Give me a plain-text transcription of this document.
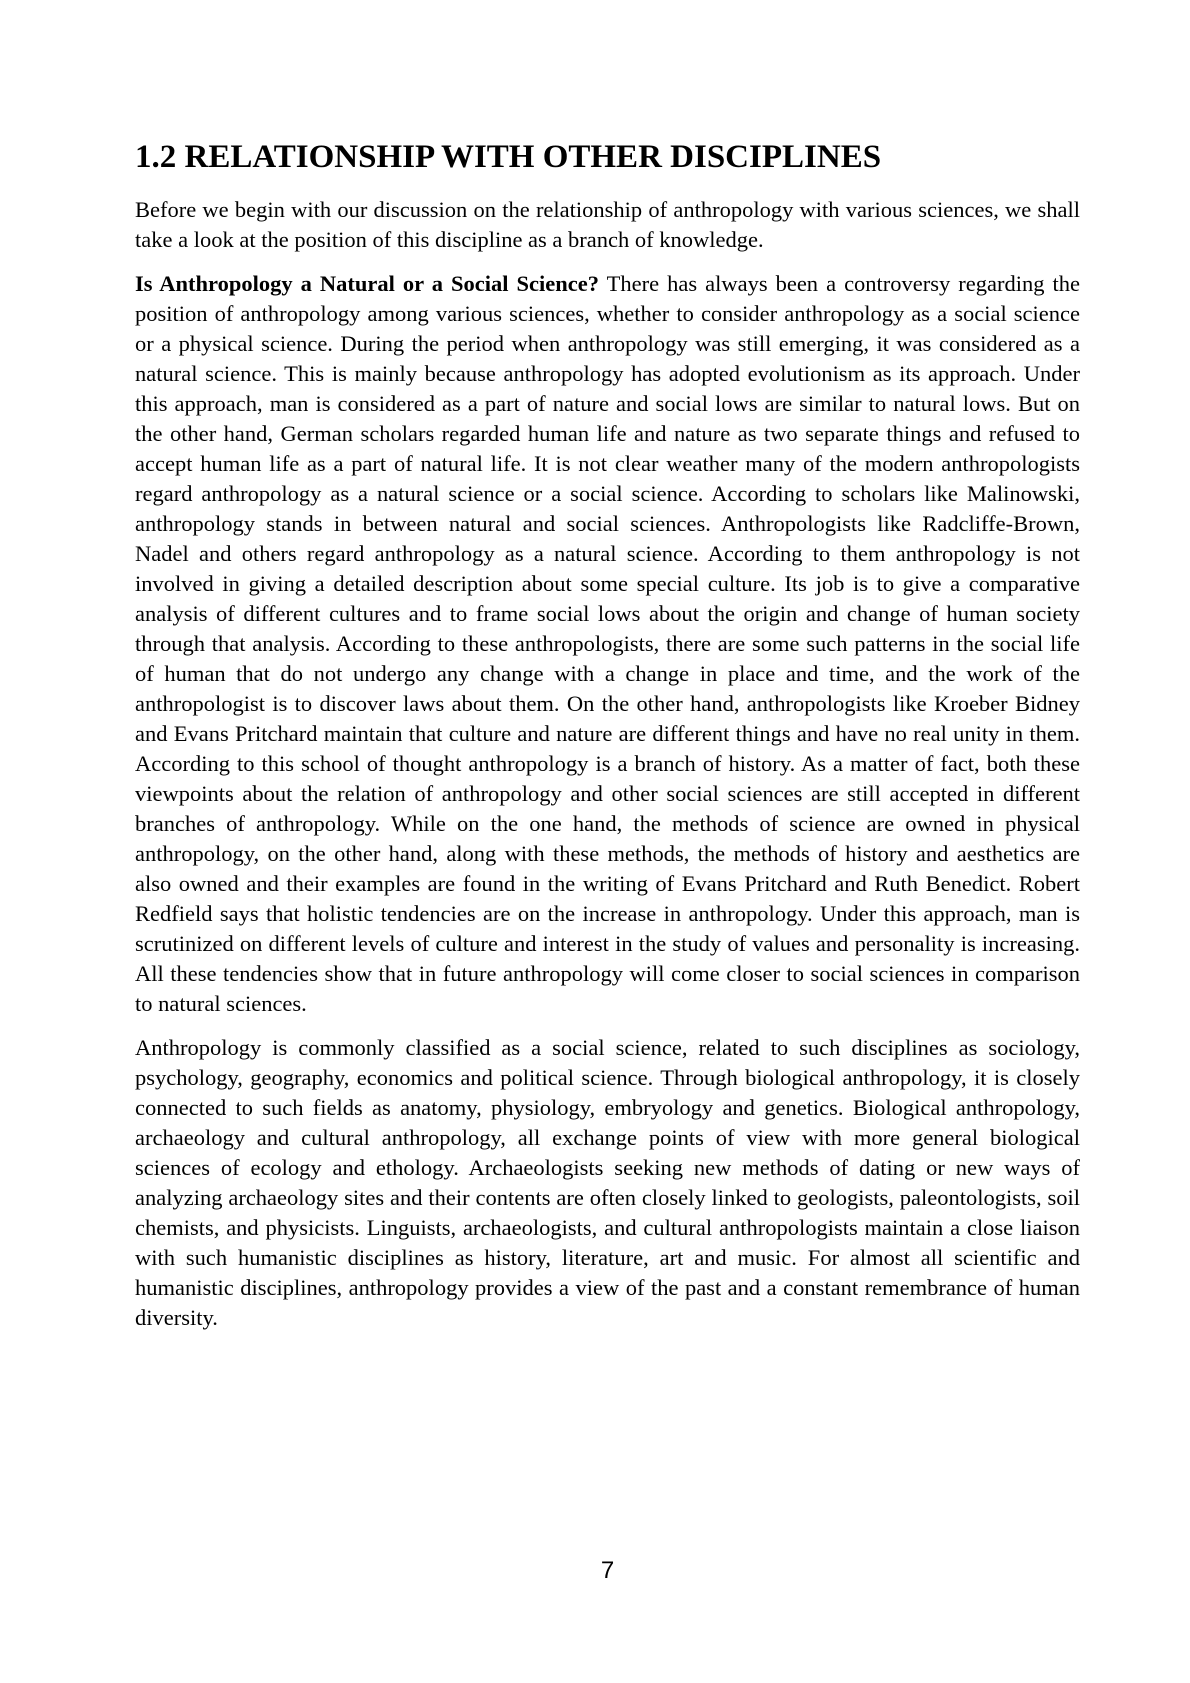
1.2 RELATIONSHIP WITH OTHER DISCIPLINES

Before we begin with our discussion on the relationship of anthropology with various sciences, we shall take a look at the position of this discipline as a branch of knowledge.

Is Anthropology a Natural or a Social Science? There has always been a controversy regarding the position of anthropology among various sciences, whether to consider anthropology as a social science or a physical science. During the period when anthropology was still emerging, it was considered as a natural science. This is mainly because anthropology has adopted evolutionism as its approach. Under this approach, man is considered as a part of nature and social lows are similar to natural lows. But on the other hand, German scholars regarded human life and nature as two separate things and refused to accept human life as a part of natural life. It is not clear weather many of the modern anthropologists regard anthropology as a natural science or a social science. According to scholars like Malinowski, anthropology stands in between natural and social sciences. Anthropologists like Radcliffe-Brown, Nadel and others regard anthropology as a natural science. According to them anthropology is not involved in giving a detailed description about some special culture. Its job is to give a comparative analysis of different cultures and to frame social lows about the origin and change of human society through that analysis. According to these anthropologists, there are some such patterns in the social life of human that do not undergo any change with a change in place and time, and the work of the anthropologist is to discover laws about them. On the other hand, anthropologists like Kroeber Bidney and Evans Pritchard maintain that culture and nature are different things and have no real unity in them. According to this school of thought anthropology is a branch of history. As a matter of fact, both these viewpoints about the relation of anthropology and other social sciences are still accepted in different branches of anthropology. While on the one hand, the methods of science are owned in physical anthropology, on the other hand, along with these methods, the methods of history and aesthetics are also owned and their examples are found in the writing of Evans Pritchard and Ruth Benedict. Robert Redfield says that holistic tendencies are on the increase in anthropology. Under this approach, man is scrutinized on different levels of culture and interest in the study of values and personality is increasing. All these tendencies show that in future anthropology will come closer to social sciences in comparison to natural sciences.

Anthropology is commonly classified as a social science, related to such disciplines as sociology, psychology, geography, economics and political science. Through biological anthropology, it is closely connected to such fields as anatomy, physiology, embryology and genetics. Biological anthropology, archaeology and cultural anthropology, all exchange points of view with more general biological sciences of ecology and ethology. Archaeologists seeking new methods of dating or new ways of analyzing archaeology sites and their contents are often closely linked to geologists, paleontologists, soil chemists, and physicists. Linguists, archaeologists, and cultural anthropologists maintain a close liaison with such humanistic disciplines as history, literature, art and music. For almost all scientific and humanistic disciplines, anthropology provides a view of the past and a constant remembrance of human diversity.

7
